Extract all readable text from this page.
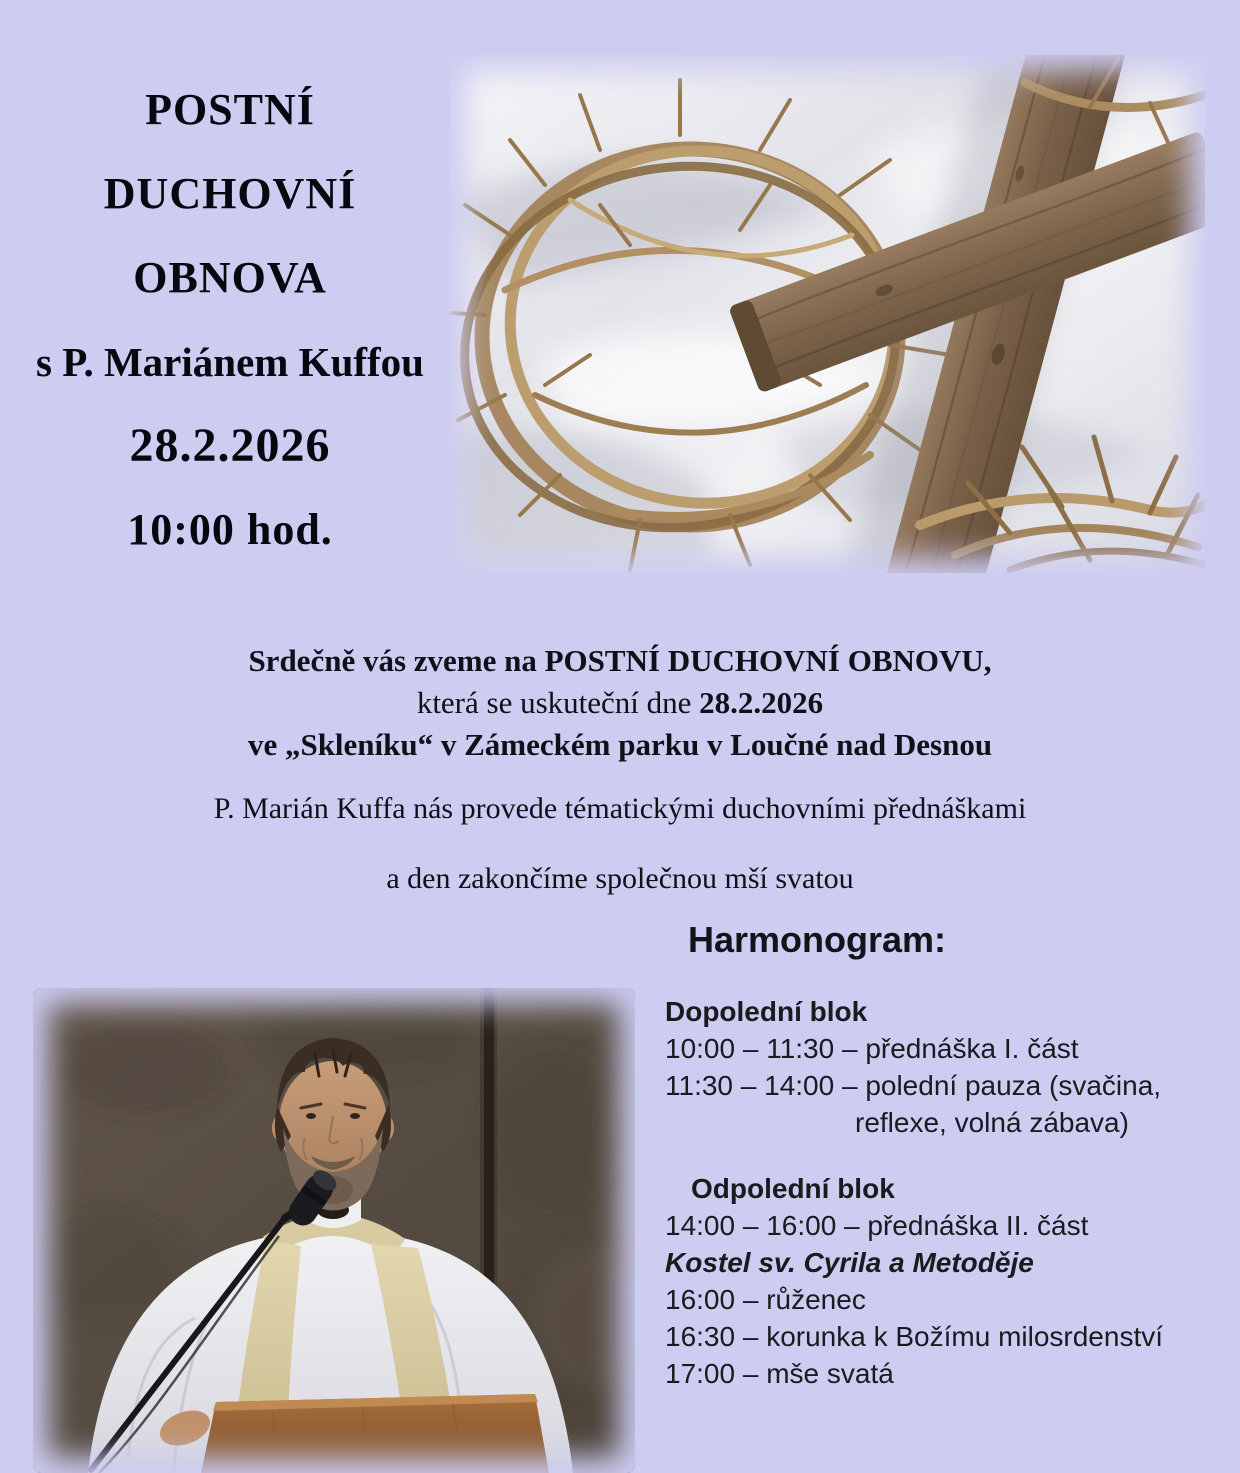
POSTNÍ
DUCHOVNÍ
OBNOVA
s P. Mariánem Kuffou
28.2.2026
10:00 hod.

Srdečně vás zveme na POSTNÍ DUCHOVNÍ OBNOVU,

která se uskuteční dne 28.2.2026

ve „Skleníku“ v Zámeckém parku v Loučné nad Desnou

P. Marián Kuffa nás provede tématickými duchovními přednáškami

a den zakončíme společnou mší svatou

Harmonogram:
Dopolední blok
10:00 – 11:30 – přednáška I. část
11:30 – 14:00 – polední pauza (svačina,
reflexe, volná zábava)
Odpolední blok
14:00 – 16:00 – přednáška II. část
Kostel sv. Cyrila a Metoděje
16:00 – růženec
16:30 – korunka k Božímu milosrdenství
17:00 – mše svatá
